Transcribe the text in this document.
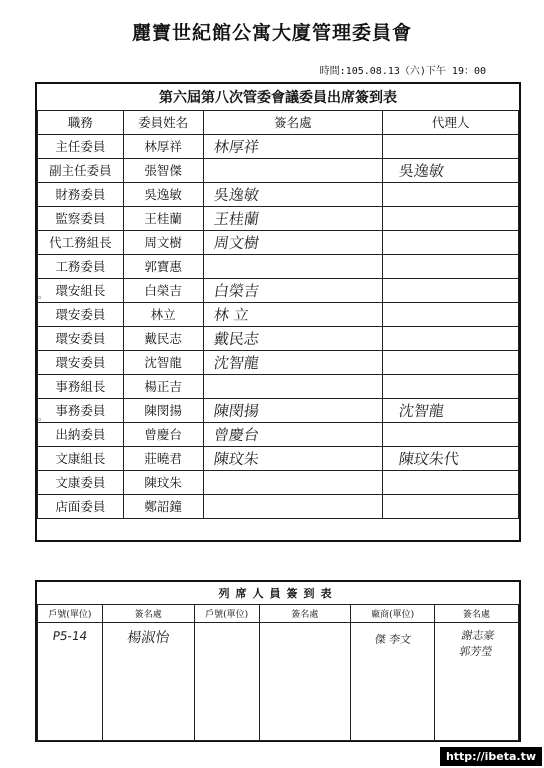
麗寶世紀館公寓大廈管理委員會
時間:105.08.13（六)下午 19：00
第六屆第八次管委會議委員出席簽到表			
職務	委員姓名	簽名處	代理人
主任委員	林厚祥	林厚祥	

副主任委員	張智傑		吳逸敏

財務委員	吳逸敏	吳逸敏	

監察委員	王桂蘭	王桂蘭	

代工務組長	周文樹	周文樹	

工務委員	郭寶惠	

環安組長	白榮吉	白榮吉	

環安委員	林立	林 立	

環安委員	戴民志	戴民志	

環安委員	沈智龍	沈智龍	

事務組長	楊正吉	

事務委員	陳閔揚	陳閔揚	沈智龍

出納委員	曾慶台	曾慶台	

文康組長	莊曉君	陳玟朱	陳玟朱代

文康委員	陳玟朱	

店面委員	鄭詔鐘	

列席人員簽到表					
戶號(單位)	簽名處	戶號(單位)	簽名處	廠商(單位)	簽名處

P5-14	楊淑怡			傑 李文	謝志豪 郭芳瑩
◦
◦
http://ibeta.tw
